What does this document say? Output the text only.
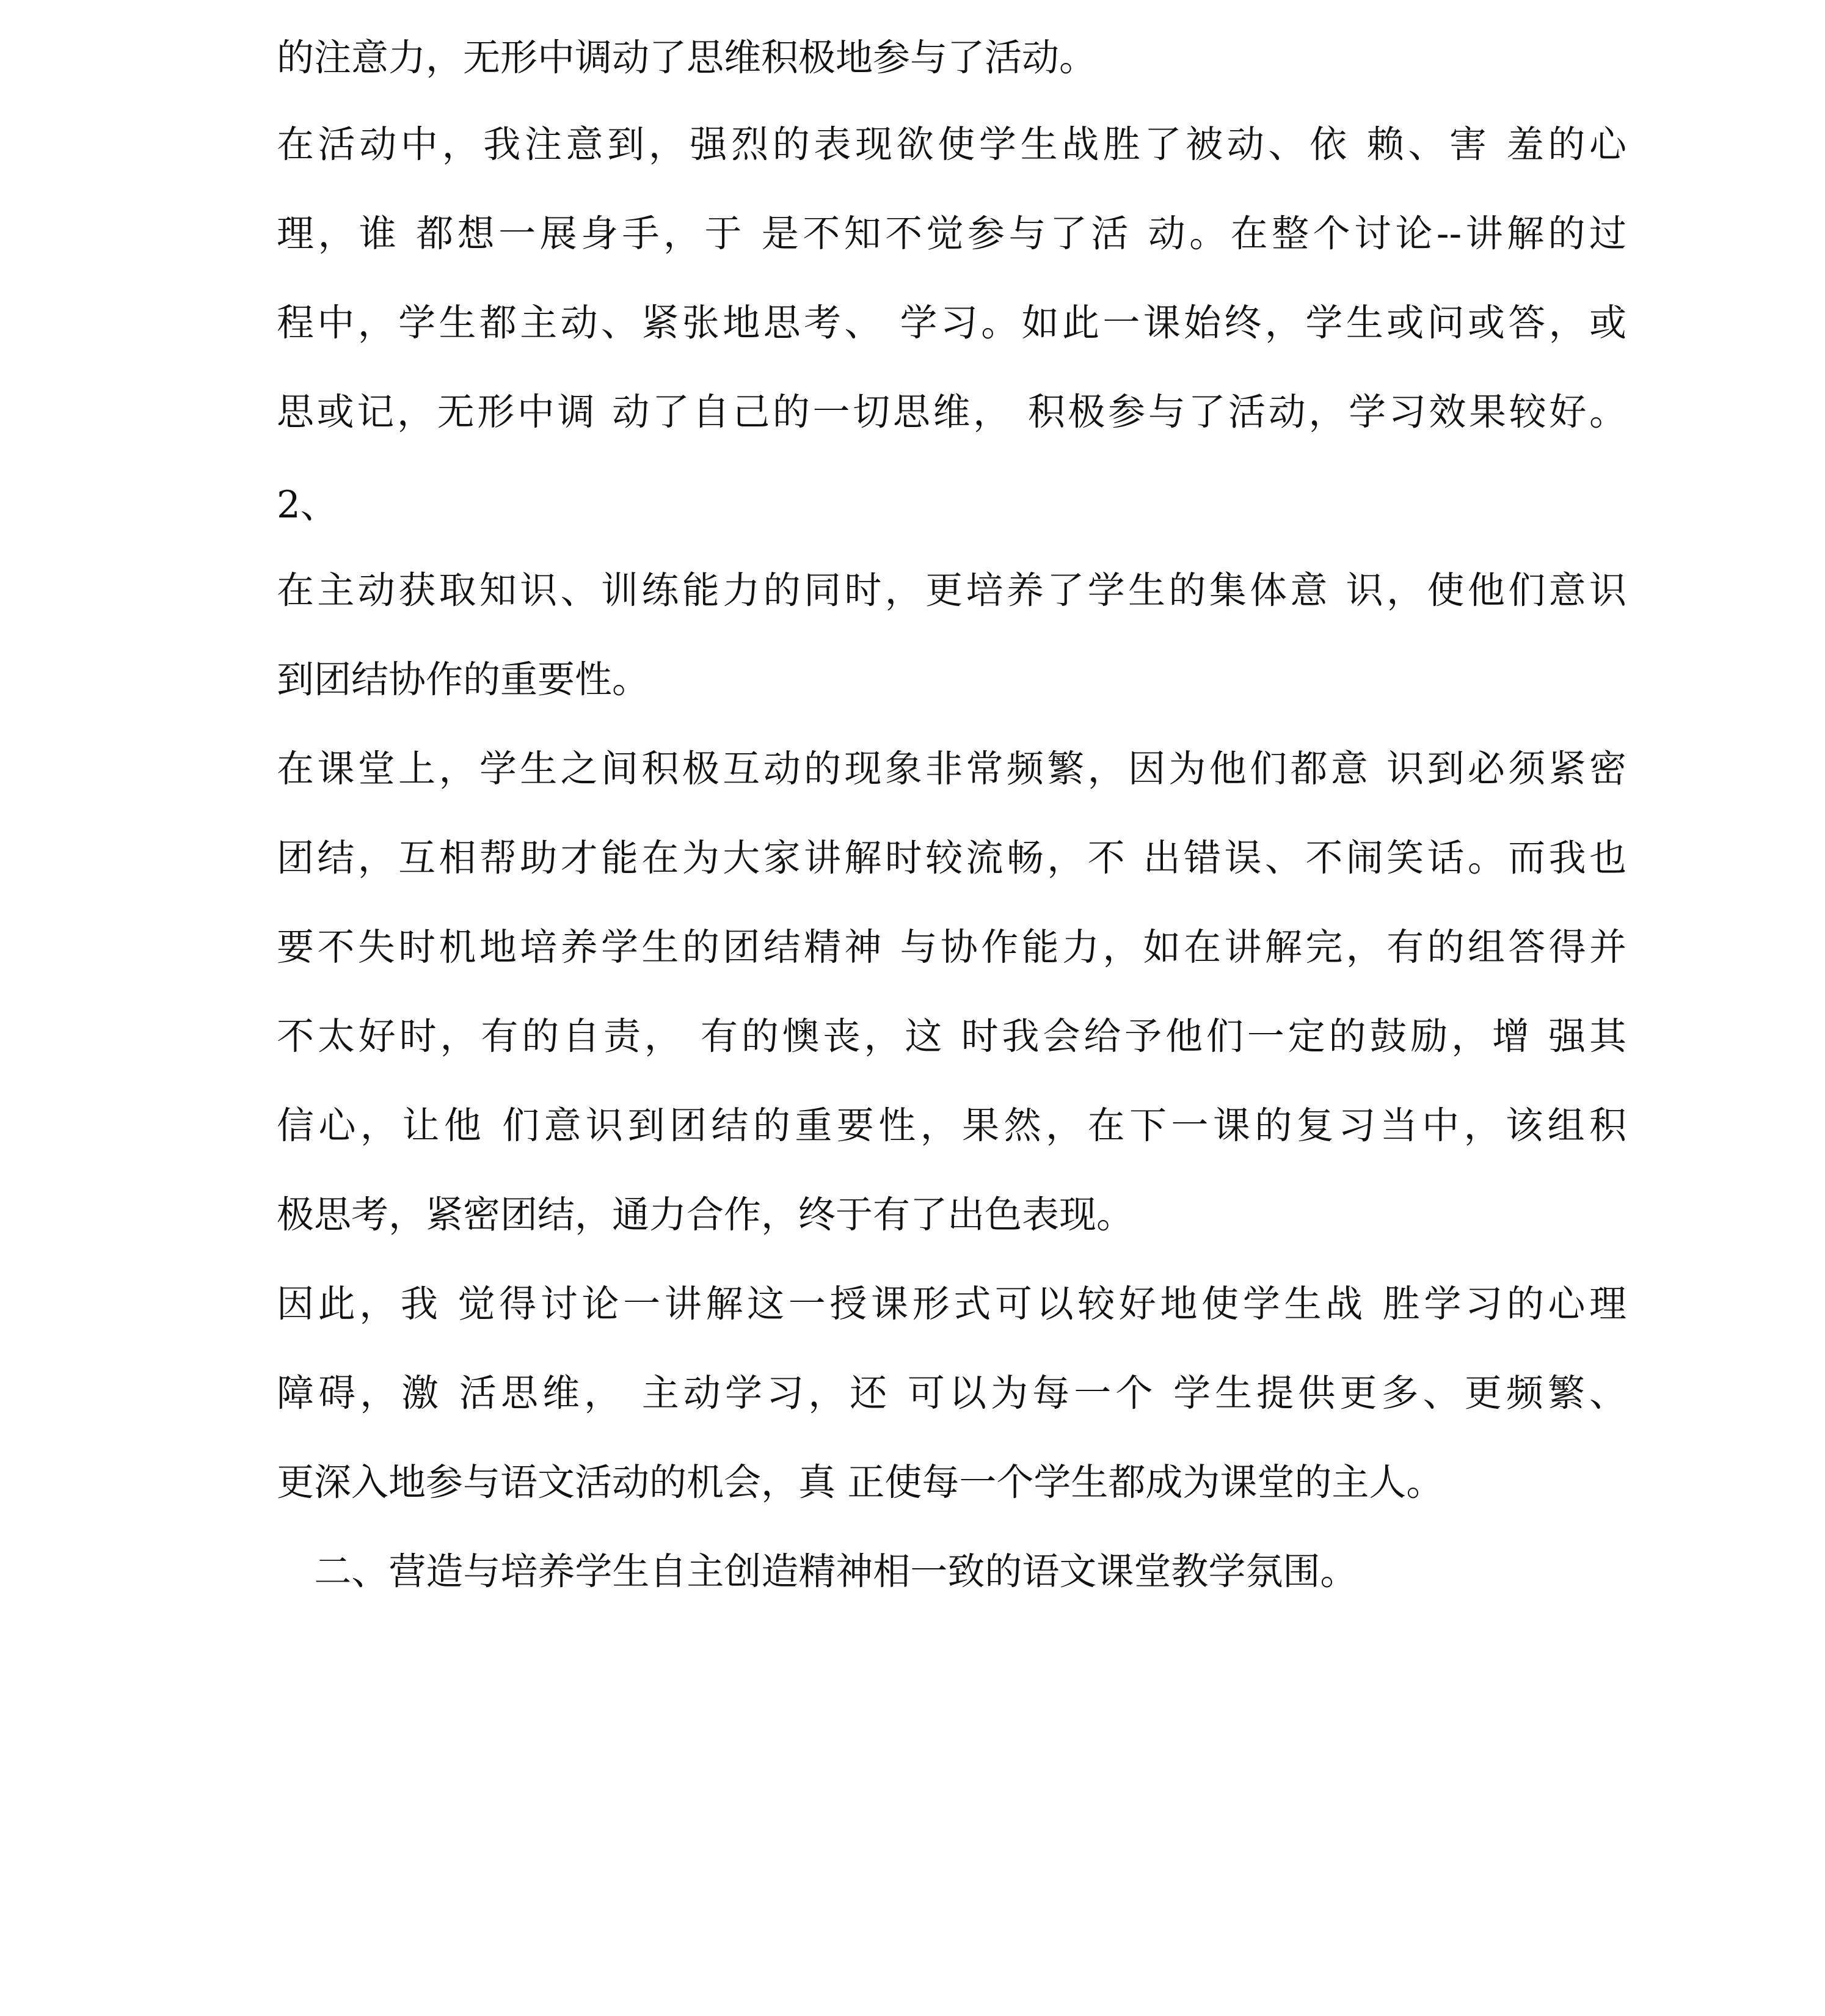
的注意力，无形中调动了思维积极地参与了活动。
在活动中，我注意到，强烈的表现欲使学生战胜了被动、依 赖、害 羞的心
理，谁 都想一展身手，于 是不知不觉参与了活 动。在整个讨论--讲解的过
程中，学生都主动、紧张地思考、 学习。如此一课始终，学生或问或答，或
思或记，无形中调 动了自己的一切思维， 积极参与了活动，学习效果较好。
2、
在主动获取知识、训练能力的同时，更培养了学生的集体意 识，使他们意识
到团结协作的重要性。
在课堂上，学生之间积极互动的现象非常频繁，因为他们都意 识到必须紧密
团结，互相帮助才能在为大家讲解时较流畅，不 出错误、不闹笑话。而我也
要不失时机地培养学生的团结精神 与协作能力，如在讲解完，有的组答得并
不太好时，有的自责， 有的懊丧，这 时我会给予他们一定的鼓励，增 强其
信心，让他 们意识到团结的重要性，果然，在下一课的复习当中，该组积
极思考，紧密团结，通力合作，终于有了出色表现。
因此，我 觉得讨论一讲解这一授课形式可以较好地使学生战 胜学习的心理
障碍，激 活思维， 主动学习，还 可以为每一个 学生提供更多、更频繁、
更深入地参与语文活动的机会，真 正使每一个学生都成为课堂的主人。
二、营造与培养学生自主创造精神相一致的语文课堂教学氛围。
